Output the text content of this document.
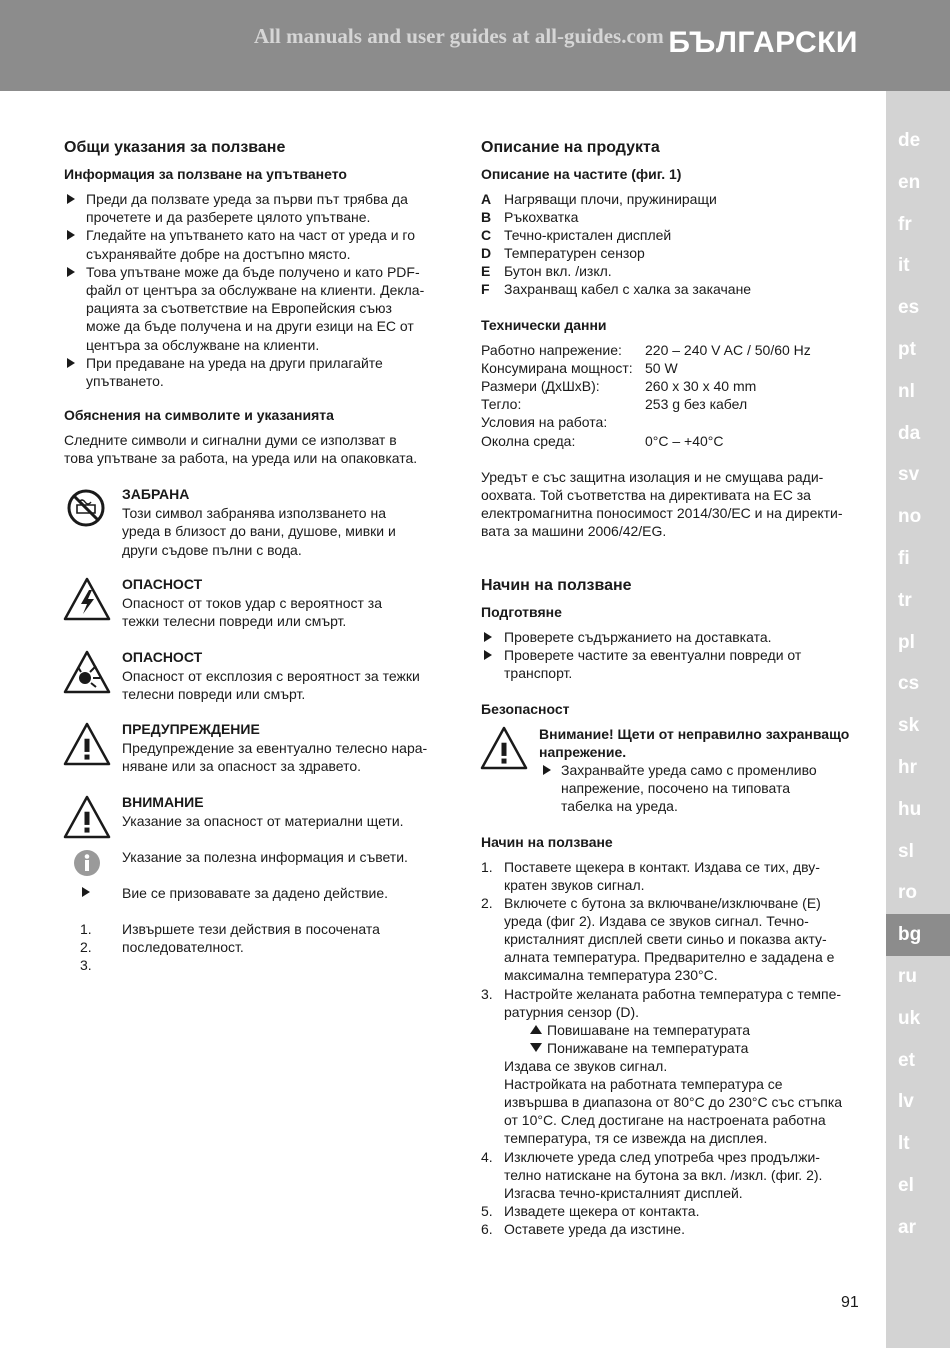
All manuals and user guides at all-guides.com БЪЛГАРСКИ
de
en
fr
it
es
pt
nl
da
sv
no
fi
tr
pl
cs
sk
hr
hu
sl
ro
bg
ru
uk
et
lv
lt
el
ar
Общи указания за ползване
Информация за ползване на упътването
Преди да ползвате уреда за първи път трябва да
прочетете и да разберете цялото упътване.
Гледайте на упътването като на част от уреда и го
съхранявайте добре на достъпно място.
Това упътване може да бъде получено и като PDF-
файл от центъра за обслужване на клиенти. Декла-
рацията за съответствие на Европейския съюз
може да бъде получена и на други езици на ЕС от
центъра за обслужване на клиенти.
При предаване на уреда на други прилагайте
упътването.
Обяснения на символите и указанията
Следните символи и сигнални думи се използват в
това упътване за работа, на уреда или на опаковката.
ЗАБРАНА
Този символ забранява използването на
уреда в близост до вани, душове, мивки и
други съдове пълни с вода.
ОПАСНОСТ
Опасност от токов удар с вероятност за
тежки телесни повреди или смърт.
ОПАСНОСТ
Опасност от експлозия с вероятност за тежки
телесни повреди или смърт.
ПРЕДУПРЕЖДЕНИЕ
Предупреждение за евентуално телесно нара-
няване или за опасност за здравето.
ВНИМАНИЕ
Указание за опасност от материални щети.
Указание за полезна информация и съвети.
Вие се призовавате за дадено действие.
1.
2.
3.
Извършете тези действия в посочената
последователност.
Описание на продукта
Описание на частите (фиг. 1)
A Нагряващи плочи, пружиниращи
B Ръкохватка
C Течно-кристален дисплей
D Температурен сензор
E Бутон вкл. /изкл.
F Захранващ кабел с халка за закачане
Технически данни
Работно напрежение: 220 – 240 V AC / 50/60 Hz
Консумирана мощност: 50 W
Размери (ДхШхВ):	260 x 30 x 40 mm
Тегло:	253 g без кабел
Условия на работа:
Околна среда:	0°C – +40°C
Уредът е със защитна изолация и не смущава ради-
оохвата. Той съответства на директивата на ЕС за
електромагнитна поносимост 2014/30/EC и на директи-
вата за машини 2006/42/EG.
Начин на ползване
Подготвяне
Проверете съдържанието на доставката.
Проверете частите за евентуални повреди от
транспорт.
Безопасност
Внимание! Щети от неправилно захранващо
напрежение.
Захранвайте уреда само с променливо
напрежение, посочено на типовата
табелка на уреда.
Начин на ползване
1. Поставете щекера в контакт. Издава се тих, дву-
кратен звуков сигнал.
2. Включете с бутона за включване/изключване (E)
уреда (фиг 2). Издава се звуков сигнал. Течно-
кристалният дисплей свети синьо и показва акту-
алната температура. Предварително е зададена е
максимална температура 230°C.
3. Настройте желаната работна температура с темпе-
ратурния сензор (D).
4. Изключете уреда след употреба чрез продължи-
телно натискане на бутона за вкл. /изкл. (фиг. 2).
Изгасва течно-кристалният дисплей.
5. Извадете щекера от контакта.
6. Оставете уреда да изстине.
Повишаване на температурата
Понижаване на температурата
Издава се звуков сигнал.
Настройката на работната температура се
извършва в диапазона от 80°C до 230°C със стъпка
от 10°C. След достигане на настроената работна
температура, тя се извежда на дисплея.
91
